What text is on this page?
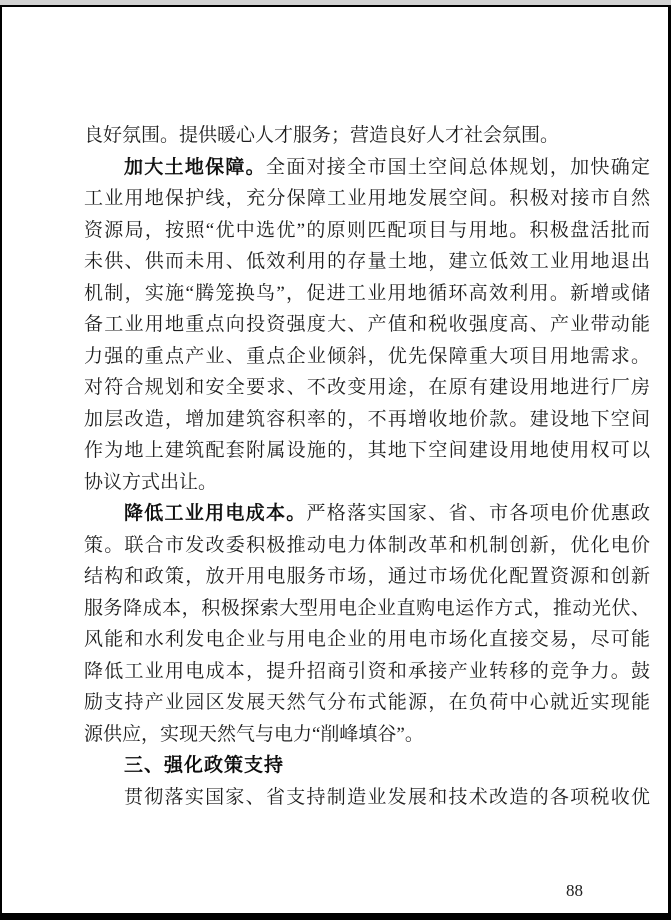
良好氛围。提供暖心人才服务；营造良好人才社会氛围。
加大土地保障。全面对接全市国土空间总体规划，加快确定
工业用地保护线，充分保障工业用地发展空间。积极对接市自然
资源局，按照“优中选优”的原则匹配项目与用地。积极盘活批而
未供、供而未用、低效利用的存量土地，建立低效工业用地退出
机制，实施“腾笼换鸟”，促进工业用地循环高效利用。新增或储
备工业用地重点向投资强度大、产值和税收强度高、产业带动能
力强的重点产业、重点企业倾斜，优先保障重大项目用地需求。
对符合规划和安全要求、不改变用途，在原有建设用地进行厂房
加层改造，增加建筑容积率的，不再增收地价款。建设地下空间
作为地上建筑配套附属设施的，其地下空间建设用地使用权可以
协议方式出让。
降低工业用电成本。严格落实国家、省、市各项电价优惠政
策。联合市发改委积极推动电力体制改革和机制创新，优化电价
结构和政策，放开用电服务市场，通过市场优化配置资源和创新
服务降成本，积极探索大型用电企业直购电运作方式，推动光伏、
风能和水利发电企业与用电企业的用电市场化直接交易，尽可能
降低工业用电成本，提升招商引资和承接产业转移的竞争力。鼓
励支持产业园区发展天然气分布式能源，在负荷中心就近实现能
源供应，实现天然气与电力“削峰填谷”。
三、强化政策支持
贯彻落实国家、省支持制造业发展和技术改造的各项税收优
88
